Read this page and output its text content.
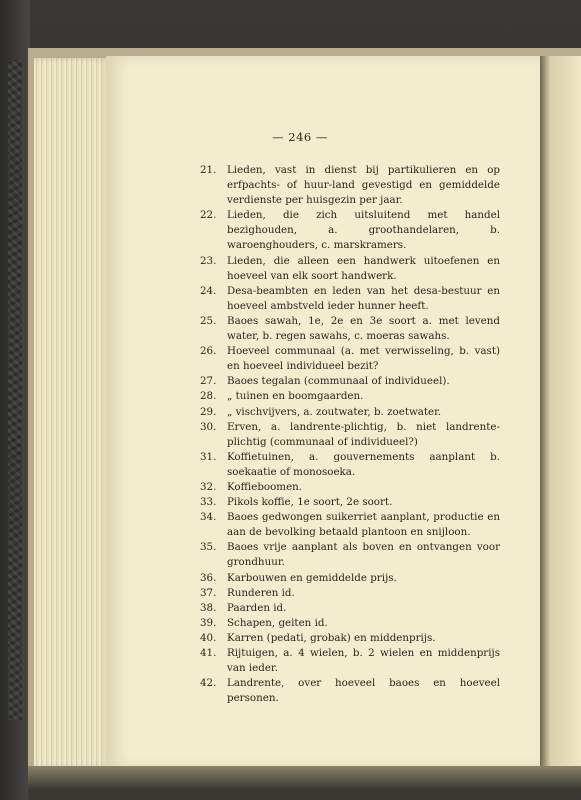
— 246 —
21. Lieden, vast in dienst bij partikulieren en op erfpachts- of huur-land gevestigd en gemiddelde verdienste per huisgezin per jaar.
22. Lieden, die zich uitsluitend met handel bezighouden, a. groothandelaren, b. waroenghouders, c. marskramers.
23. Lieden, die alleen een handwerk uitoefenen en hoeveel van elk soort handwerk.
24. Desa-beambten en leden van het desa-bestuur en hoeveel ambstveld ieder hunner heeft.
25. Baoes sawah, 1e, 2e en 3e soort a. met levend water, b. regen sawahs, c. moeras sawahs.
26. Hoeveel communaal (a. met verwisseling, b. vast) en hoeveel individueel bezit?
27. Baoes tegalan (communaal of individueel).
28. „ tuinen en boomgaarden.
29. „ vischvijvers, a. zoutwater, b. zoetwater.
30. Erven, a. landrente-plichtig, b. niet landrente-plichtig (communaal of individueel?)
31. Koffietuinen, a. gouvernements aanplant b. soekaatie of monosoeka.
32. Koffieboomen.
33. Pikols koffie, 1e soort, 2e soort.
34. Baoes gedwongen suikerriet aanplant, productie en aan de bevolking betaald plantoon en snijloon.
35. Baoes vrije aanplant als boven en ontvangen voor grondhuur.
36. Karbouwen en gemiddelde prijs.
37. Runderen id.
38. Paarden id.
39. Schapen, geiten id.
40. Karren (pedati, grobak) en middenprijs.
41. Rijtuigen, a. 4 wielen, b. 2 wielen en middenprijs van ieder.
42. Landrente, over hoeveel baoes en hoeveel personen.
